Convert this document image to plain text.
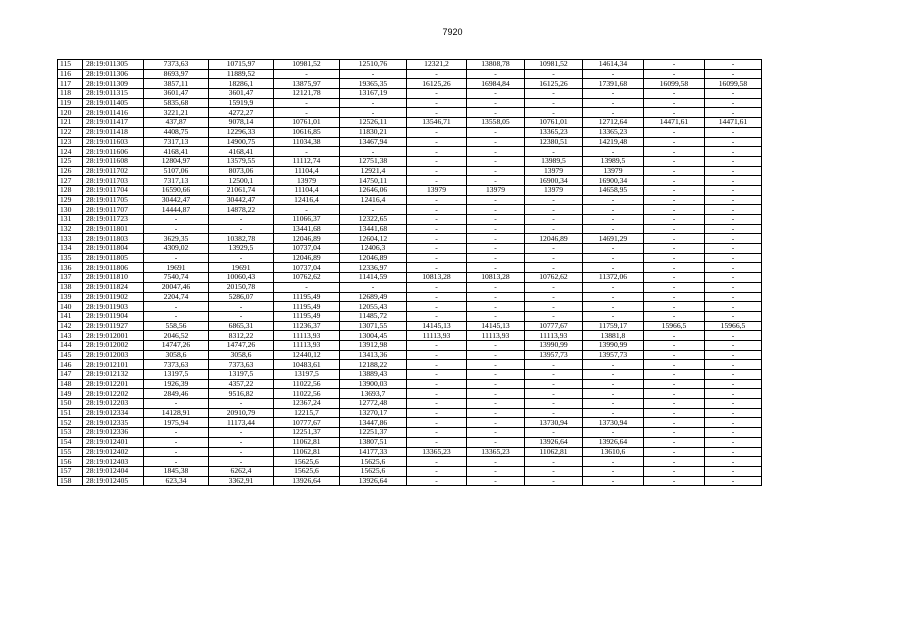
7920
115	28:19:011305	7373,63	10715,97	10981,52	12510,76	12321,2	13808,78	10981,52	14614,34	-	-
116	28:19:011306	8693,97	11889,52	-	-	-	-	-	-	-	-
117	28:19:011309	3857,11	18286,1	13875,97	19365,35	16125,26	16984,84	16125,26	17391,68	16099,58	16099,58
118	28:19:011315	3601,47	3601,47	12121,78	13167,19	-	-	-	-	-	-
119	28:19:011405	5835,68	15919,9	-	-	-	-	-	-	-	-
120	28:19:011416	3221,21	4272,27	-	-	-	-	-	-	-	-
121	28:19:011417	437,87	9078,14	10761,01	12526,11	13546,71	13558,05	10761,01	12712,64	14471,61	14471,61
122	28:19:011418	4408,75	12296,33	10616,85	11830,21	-	-	13365,23	13365,23	-	-
123	28:19:011603	7317,13	14900,75	11034,38	13467,94	-	-	12380,51	14219,48	-	-
124	28:19:011606	4168,41	4168,41	-	-	-	-	-	-	-	-
125	28:19:011608	12804,97	13579,55	11112,74	12751,38	-	-	13989,5	13989,5	-	-
126	28:19:011702	5107,06	8073,06	11104,4	12921,4	-	-	13979	13979	-	-
127	28:19:011703	7317,13	12500,1	13979	14750,11	-	-	16900,34	16900,34	-	-
128	28:19:011704	16590,66	21061,74	11104,4	12646,06	13979	13979	13979	14658,95	-	-
129	28:19:011705	30442,47	30442,47	12416,4	12416,4	-	-	-	-	-	-
130	28:19:011707	14444,87	14878,22	-	-	-	-	-	-	-	-
131	28:19:011723	-	-	11066,37	12322,65	-	-	-	-	-	-
132	28:19:011801	-	-	13441,68	13441,68	-	-	-	-	-	-
133	28:19:011803	3629,35	10382,78	12046,89	12604,12	-	-	12046,89	14691,29	-	-
134	28:19:011804	4309,02	13929,5	10737,04	12406,3	-	-	-	-	-	-
135	28:19:011805	-	-	12046,89	12046,89	-	-	-	-	-	-
136	28:19:011806	19691	19691	10737,04	12336,97	-	-	-	-	-	-
137	28:19:011810	7540,74	10060,43	10762,62	11414,59	10813,28	10813,28	10762,62	11372,06	-	-
138	28:19:011824	20047,46	20150,78	-	-	-	-	-	-	-	-
139	28:19:011902	2204,74	5286,07	11195,49	12689,49	-	-	-	-	-	-
140	28:19:011903	-	-	11195,49	12055,43	-	-	-	-	-	-
141	28:19:011904	-	-	11195,49	11485,72	-	-	-	-	-	-
142	28:19:011927	558,56	6865,31	11236,37	13071,55	14145,13	14145,13	10777,67	11759,17	15966,5	15966,5
143	28:19:012001	2046,52	8312,22	11113,93	13004,45	11113,93	11113,93	11113,93	13881,8	-	-
144	28:19:012002	14747,26	14747,26	11113,93	13912,98	-	-	13990,99	13990,99	-	-
145	28:19:012003	3058,6	3058,6	12440,12	13413,36	-	-	13957,73	13957,73	-	-
146	28:19:012101	7373,63	7373,63	10483,61	12188,22	-	-	-	-	-	-
147	28:19:012132	13197,5	13197,5	13197,5	13889,43	-	-	-	-	-	-
148	28:19:012201	1926,39	4357,22	11022,56	13900,03	-	-	-	-	-	-
149	28:19:012202	2849,46	9516,82	11022,56	13693,7	-	-	-	-	-	-
150	28:19:012203	-	-	12367,24	12772,48	-	-	-	-	-	-
151	28:19:012334	14128,91	20910,79	12215,7	13270,17	-	-	-	-	-	-
152	28:19:012335	1975,94	11173,44	10777,67	13447,86	-	-	13730,94	13730,94	-	-
153	28:19:012336	-	-	12251,37	12251,37	-	-	-	-	-	-
154	28:19:012401	-	-	11062,81	13807,51	-	-	13926,64	13926,64	-	-
155	28:19:012402	-	-	11062,81	14177,33	13365,23	13365,23	11062,81	13610,6	-	-
156	28:19:012403	-	-	15625,6	15625,6	-	-	-	-	-	-
157	28:19:012404	1845,38	6262,4	15625,6	15625,6	-	-	-	-	-	-
158	28:19:012405	623,34	3362,91	13926,64	13926,64	-	-	-	-	-	-
